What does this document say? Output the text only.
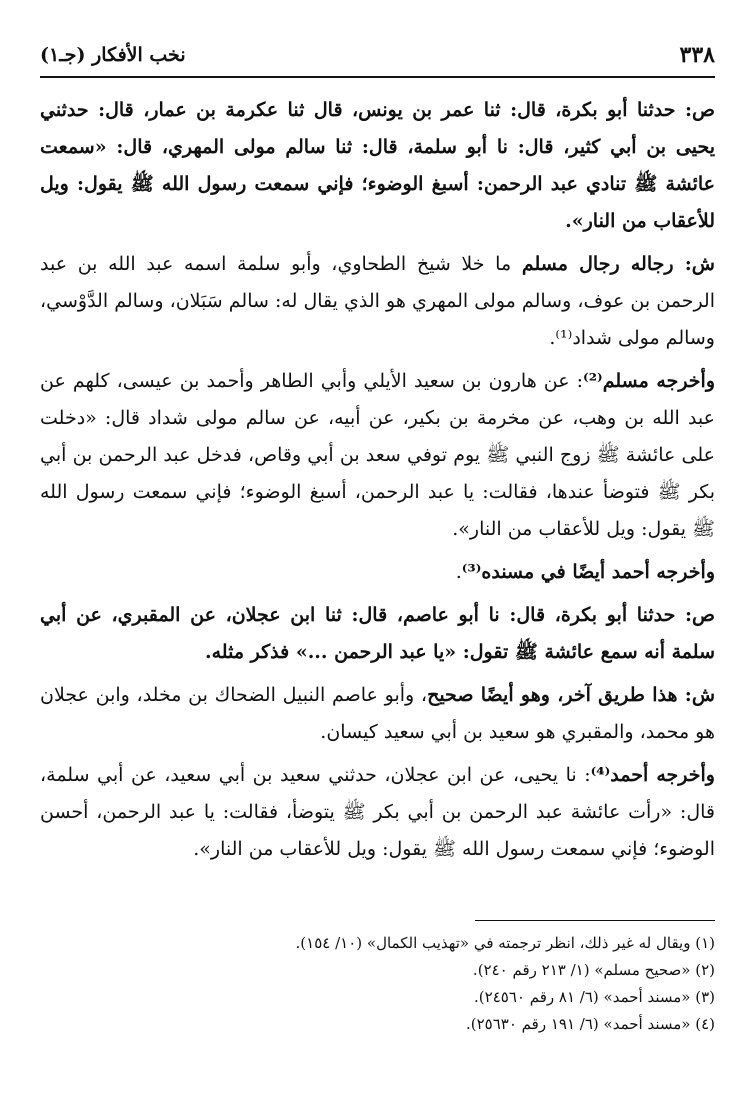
٣٣٨
نخب الأفكار (جـ١)

ص: حدثنا أبو بكرة، قال: ثنا عمر بن يونس، قال ثنا عكرمة بن عمار، قال: حدثني يحيى بن أبي كثير، قال: نا أبو سلمة، قال: ثنا سالم مولى المهري، قال: «سمعت عائشة ﷺ تنادي عبد الرحمن: أسبغ الوضوء؛ فإني سمعت رسول الله ﷺ يقول: ويل للأعقاب من النار».

ش: رجاله رجال مسلم ما خلا شيخ الطحاوي، وأبو سلمة اسمه عبد الله بن عبد الرحمن بن عوف، وسالم مولى المهري هو الذي يقال له: سالم سَبَلان، وسالم الدَّوْسي، وسالم مولى شداد⁽¹⁾.

وأخرجه مسلم⁽²⁾: عن هارون بن سعيد الأيلي وأبي الطاهر وأحمد بن عيسى، كلهم عن عبد الله بن وهب، عن مخرمة بن بكير، عن أبيه، عن سالم مولى شداد قال: «دخلت على عائشة ﷺ زوج النبي ﷺ يوم توفي سعد بن أبي وقاص، فدخل عبد الرحمن بن أبي بكر ﷺ فتوضأ عندها، فقالت: يا عبد الرحمن، أسبغ الوضوء؛ فإني سمعت رسول الله ﷺ يقول: ويل للأعقاب من النار».

وأخرجه أحمد أيضًا في مسنده⁽³⁾.

ص: حدثنا أبو بكرة، قال: نا أبو عاصم، قال: ثنا ابن عجلان، عن المقبري، عن أبي سلمة أنه سمع عائشة ﷺ تقول: «يا عبد الرحمن ...» فذكر مثله.

ش: هذا طريق آخر، وهو أيضًا صحيح، وأبو عاصم النبيل الضحاك بن مخلد، وابن عجلان هو محمد، والمقبري هو سعيد بن أبي سعيد كيسان.

وأخرجه أحمد⁽⁴⁾: نا يحيى، عن ابن عجلان، حدثني سعيد بن أبي سعيد، عن أبي سلمة، قال: «رأت عائشة عبد الرحمن بن أبي بكر ﷺ يتوضأ، فقالت: يا عبد الرحمن، أحسن الوضوء؛ فإني سمعت رسول الله ﷺ يقول: ويل للأعقاب من النار».

(١) ويقال له غير ذلك، انظر ترجمته في «تهذيب الكمال» (١٠/ ١٥٤).
(٢) «صحيح مسلم» (١/ ٢١٣ رقم ٢٤٠).
(٣) «مسند أحمد» (٦/ ٨١ رقم ٢٤٥٦٠).
(٤) «مسند أحمد» (٦/ ١٩١ رقم ٢٥٦٣٠).
